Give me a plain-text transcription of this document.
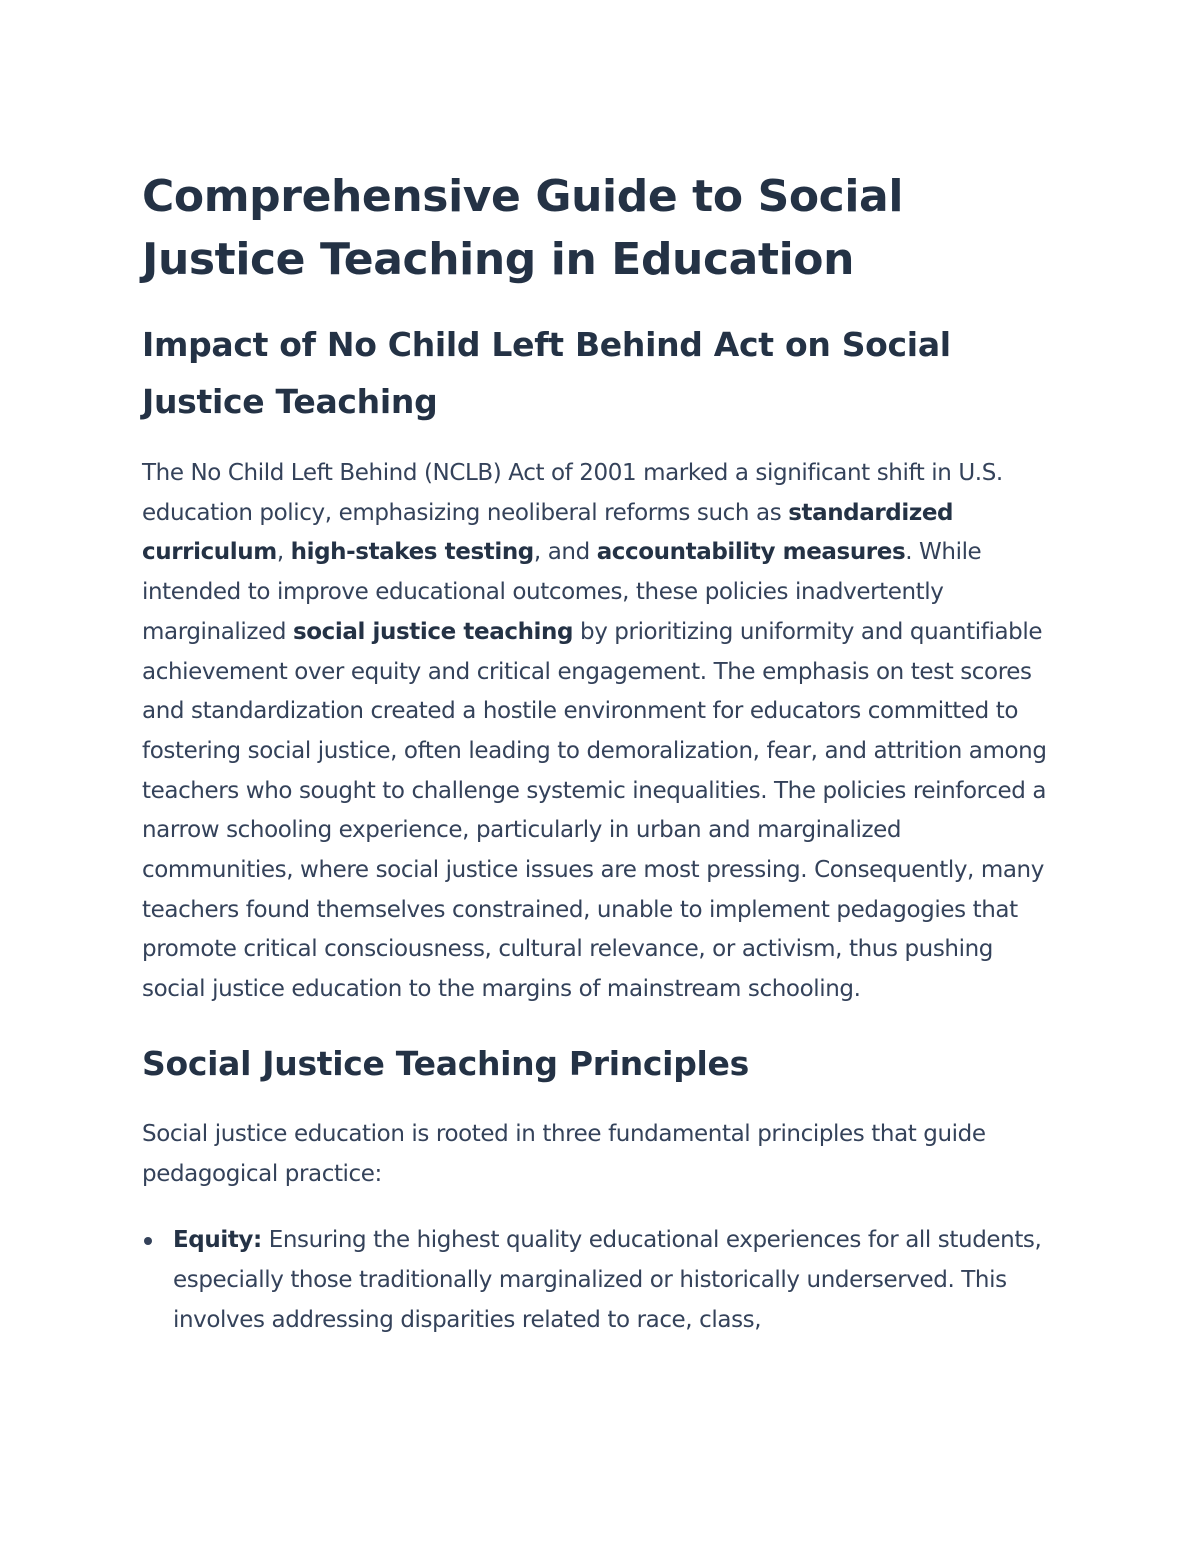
Comprehensive Guide to Social Justice Teaching in Education
Impact of No Child Left Behind Act on Social Justice Teaching

The No Child Left Behind (NCLB) Act of 2001 marked a significant shift in U.S. education policy, emphasizing neoliberal reforms such as standardized curriculum, high-stakes testing, and accountability measures. While intended to improve educational outcomes, these policies inadvertently marginalized social justice teaching by prioritizing uniformity and quantifiable achievement over equity and critical engagement. The emphasis on test scores and standardization created a hostile environment for educators committed to fostering social justice, often leading to demoralization, fear, and attrition among teachers who sought to challenge systemic inequalities. The policies reinforced a narrow schooling experience, particularly in urban and marginalized communities, where social justice issues are most pressing. Consequently, many teachers found themselves constrained, unable to implement pedagogies that promote critical consciousness, cultural relevance, or activism, thus pushing social justice education to the margins of mainstream schooling.

Social Justice Teaching Principles

Social justice education is rooted in three fundamental principles that guide pedagogical practice:

Equity: Ensuring the highest quality educational experiences for all students, especially those traditionally marginalized or historically underserved. This involves addressing disparities related to race, class,
